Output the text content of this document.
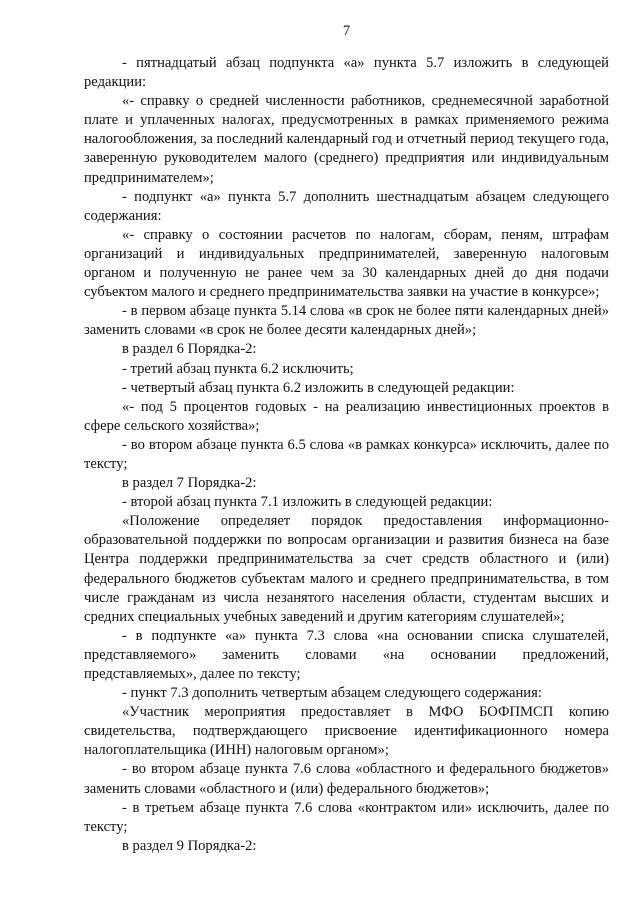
7

- пятнадцатый абзац подпункта «а» пункта 5.7 изложить в следующей редакции:

«- справку о средней численности работников, среднемесячной заработной плате и уплаченных налогах, предусмотренных в рамках применяемого режима налогообложения, за последний календарный год и отчетный период текущего года, заверенную руководителем малого (среднего) предприятия или индивидуальным предпринимателем»;

- подпункт «а» пункта 5.7 дополнить шестнадцатым абзацем следующего содержания:

«- справку о состоянии расчетов по налогам, сборам, пеням, штрафам организаций и индивидуальных предпринимателей, заверенную налоговым органом и полученную не ранее чем за 30 календарных дней до дня подачи субъектом малого и среднего предпринимательства заявки на участие в конкурсе»;

- в первом абзаце пункта 5.14 слова «в срок не более пяти календарных дней» заменить словами «в срок не более десяти календарных дней»;

в раздел 6 Порядка-2:

- третий абзац пункта 6.2 исключить;

- четвертый абзац пункта 6.2 изложить в следующей редакции:

«- под 5 процентов годовых - на реализацию инвестиционных проектов в сфере сельского хозяйства»;

- во втором абзаце пункта 6.5 слова «в рамках конкурса» исключить, далее по тексту;

в раздел 7 Порядка-2:

- второй абзац пункта 7.1 изложить в следующей редакции:

«Положение определяет порядок предоставления информационно-образовательной поддержки по вопросам организации и развития бизнеса на базе Центра поддержки предпринимательства за счет средств областного и (или) федерального бюджетов субъектам малого и среднего предпринимательства, в том числе гражданам из числа незанятого населения области, студентам высших и средних специальных учебных заведений и другим категориям слушателей»;

- в подпункте «а» пункта 7.3 слова «на основании списка слушателей, представляемого» заменить словами «на основании предложений, представляемых», далее по тексту;

- пункт 7.3 дополнить четвертым абзацем следующего содержания:

«Участник мероприятия предоставляет в МФО БОФПМСП копию свидетельства, подтверждающего присвоение идентификационного номера налогоплательщика (ИНН) налоговым органом»;

- во втором абзаце пункта 7.6 слова «областного и федерального бюджетов» заменить словами «областного и (или) федерального бюджетов»;

- в третьем абзаце пункта 7.6 слова «контрактом или» исключить, далее по тексту;

в раздел 9 Порядка-2:
